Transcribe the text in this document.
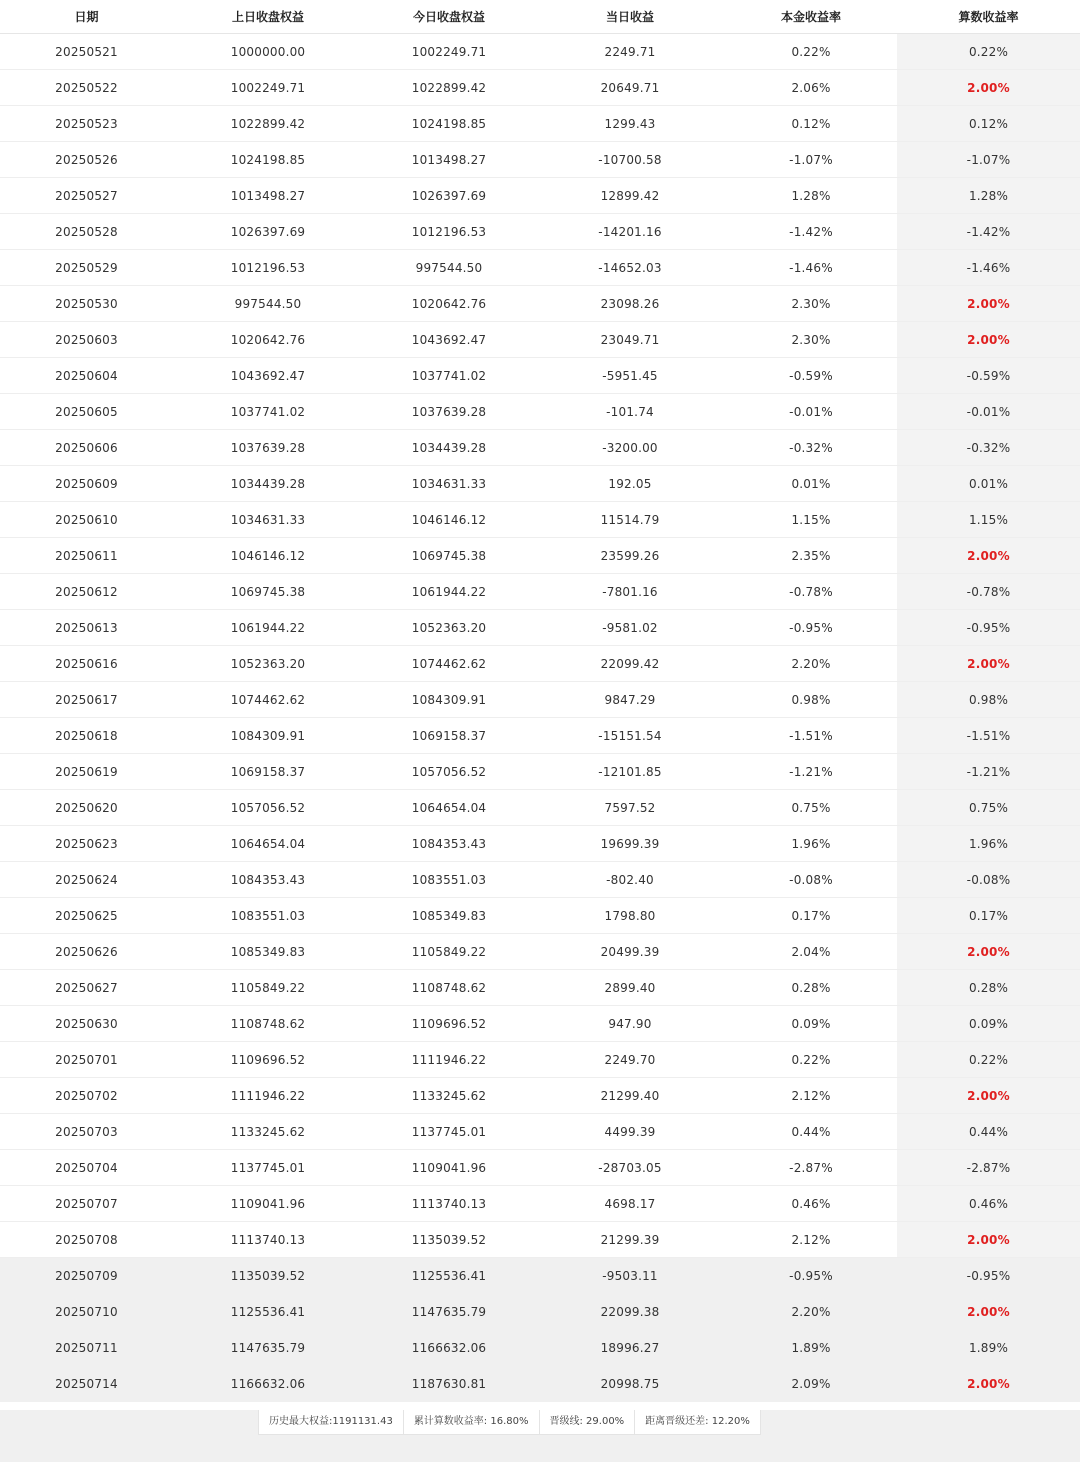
日期	上日收盘权益	今日收盘权益	当日收益	本金收益率	算数收益率
20250521	1000000.00	1002249.71	2249.71	0.22%	0.22%
20250522	1002249.71	1022899.42	20649.71	2.06%	2.00%
20250523	1022899.42	1024198.85	1299.43	0.12%	0.12%
20250526	1024198.85	1013498.27	-10700.58	-1.07%	-1.07%
20250527	1013498.27	1026397.69	12899.42	1.28%	1.28%
20250528	1026397.69	1012196.53	-14201.16	-1.42%	-1.42%
20250529	1012196.53	997544.50	-14652.03	-1.46%	-1.46%
20250530	997544.50	1020642.76	23098.26	2.30%	2.00%
20250603	1020642.76	1043692.47	23049.71	2.30%	2.00%
20250604	1043692.47	1037741.02	-5951.45	-0.59%	-0.59%
20250605	1037741.02	1037639.28	-101.74	-0.01%	-0.01%
20250606	1037639.28	1034439.28	-3200.00	-0.32%	-0.32%
20250609	1034439.28	1034631.33	192.05	0.01%	0.01%
20250610	1034631.33	1046146.12	11514.79	1.15%	1.15%
20250611	1046146.12	1069745.38	23599.26	2.35%	2.00%
20250612	1069745.38	1061944.22	-7801.16	-0.78%	-0.78%
20250613	1061944.22	1052363.20	-9581.02	-0.95%	-0.95%
20250616	1052363.20	1074462.62	22099.42	2.20%	2.00%
20250617	1074462.62	1084309.91	9847.29	0.98%	0.98%
20250618	1084309.91	1069158.37	-15151.54	-1.51%	-1.51%
20250619	1069158.37	1057056.52	-12101.85	-1.21%	-1.21%
20250620	1057056.52	1064654.04	7597.52	0.75%	0.75%
20250623	1064654.04	1084353.43	19699.39	1.96%	1.96%
20250624	1084353.43	1083551.03	-802.40	-0.08%	-0.08%
20250625	1083551.03	1085349.83	1798.80	0.17%	0.17%
20250626	1085349.83	1105849.22	20499.39	2.04%	2.00%
20250627	1105849.22	1108748.62	2899.40	0.28%	0.28%
20250630	1108748.62	1109696.52	947.90	0.09%	0.09%
20250701	1109696.52	1111946.22	2249.70	0.22%	0.22%
20250702	1111946.22	1133245.62	21299.40	2.12%	2.00%
20250703	1133245.62	1137745.01	4499.39	0.44%	0.44%
20250704	1137745.01	1109041.96	-28703.05	-2.87%	-2.87%
20250707	1109041.96	1113740.13	4698.17	0.46%	0.46%
20250708	1113740.13	1135039.52	21299.39	2.12%	2.00%
20250709	1135039.52	1125536.41	-9503.11	-0.95%	-0.95%
20250710	1125536.41	1147635.79	22099.38	2.20%	2.00%
20250711	1147635.79	1166632.06	18996.27	1.89%	1.89%
20250714	1166632.06	1187630.81	20998.75	2.09%	2.00%
历史最大权益:1191131.43	累计算数收益率: 16.80%	晋级线: 29.00%	距离晋级还差: 12.20%
